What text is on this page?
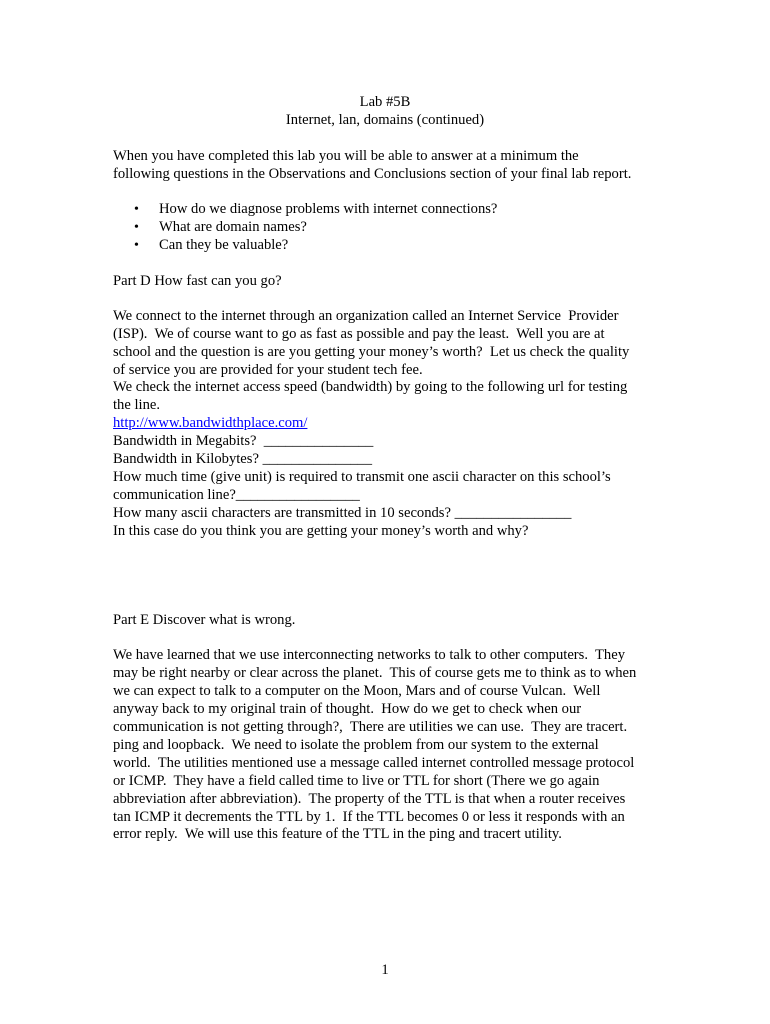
Lab #5B

Internet, lan, domains (continued)

When you have completed this lab you will be able to answer at a minimum the

following questions in the Observations and Conclusions section of your final lab report.

• How do we diagnose problems with internet connections?
• What are domain names?
• Can they be valuable?

Part D How fast can you go?

We connect to the internet through an organization called an Internet Service  Provider

(ISP).  We of course want to go as fast as possible and pay the least.  Well you are at

school and the question is are you getting your money’s worth?  Let us check the quality

of service you are provided for your student tech fee.

We check the internet access speed (bandwidth) by going to the following url for testing

the line.

http://www.bandwidthplace.com/

Bandwidth in Megabits?  _______________

Bandwidth in Kilobytes? _______________

How much time (give unit) is required to transmit one ascii character on this school’s

communication line?_________________

How many ascii characters are transmitted in 10 seconds? ________________

In this case do you think you are getting your money’s worth and why?

Part E Discover what is wrong.

We have learned that we use interconnecting networks to talk to other computers.  They

may be right nearby or clear across the planet.  This of course gets me to think as to when

we can expect to talk to a computer on the Moon, Mars and of course Vulcan.  Well

anyway back to my original train of thought.  How do we get to check when our

communication is not getting through?,  There are utilities we can use.  They are tracert.

ping and loopback.  We need to isolate the problem from our system to the external

world.  The utilities mentioned use a message called internet controlled message protocol

or ICMP.  They have a field called time to live or TTL for short (There we go again

abbreviation after abbreviation).  The property of the TTL is that when a router receives

tan ICMP it decrements the TTL by 1.  If the TTL becomes 0 or less it responds with an

error reply.  We will use this feature of the TTL in the ping and tracert utility.

1
